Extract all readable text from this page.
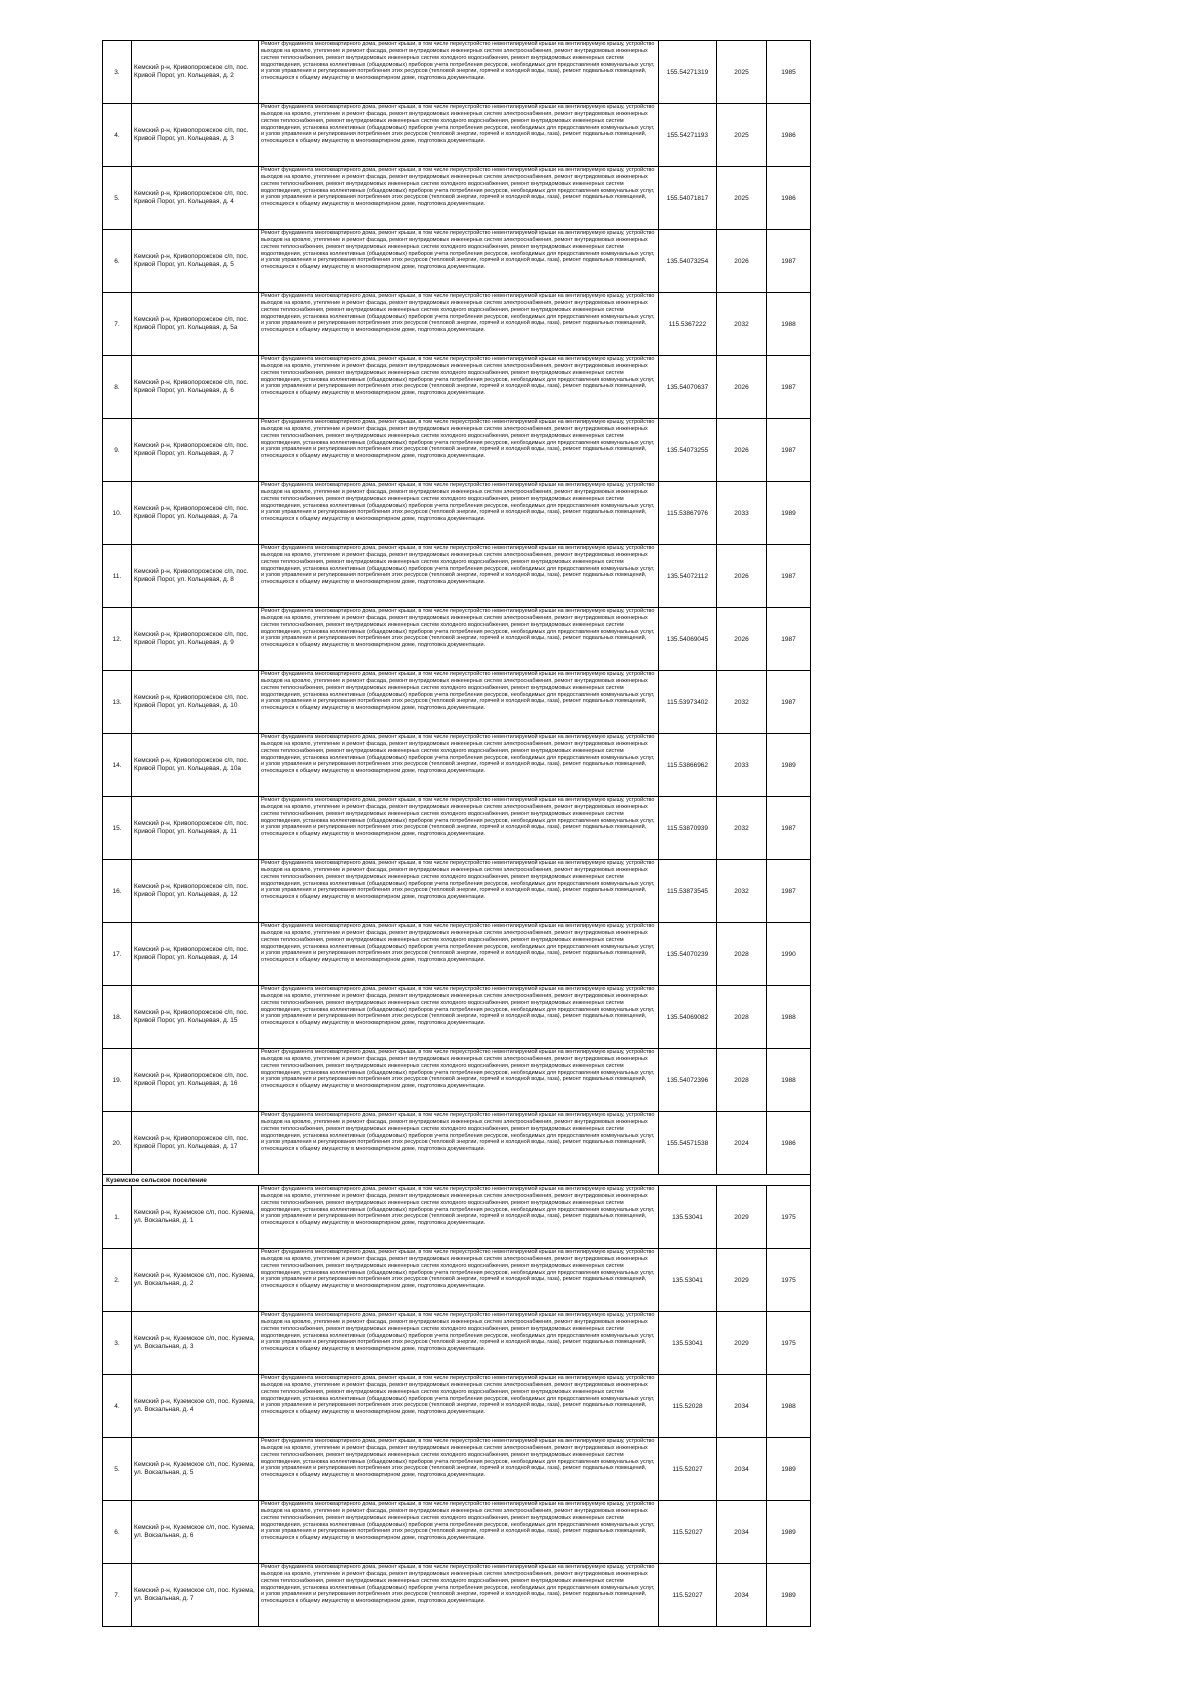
3.	Кемский р-н, Кривопорожское с/п, пос. Кривой Порог, ул. Кольцевая, д. 2	Ремонт фундамента многоквартирного дома, ремонт крыши, в том числе переустройство невентилируемой крыши на вентилируемую крышу, устройство выходов на кровлю, утепление и ремонт фасада, ремонт внутридомовых инженерных систем электроснабжения, ремонт внутридомовых инженерных систем теплоснабжения, ремонт внутридомовых инженерных систем холодного водоснабжения, ремонт внутридомовых инженерных систем водоотведения, установка коллективных (общедомовых) приборов учета потребления ресурсов, необходимых для предоставления коммунальных услуг, и узлов управления и регулирования потребления этих ресурсов (тепловой энергии, горячей и холодной воды, газа), ремонт подвальных помещений, относящихся к общему имуществу в многоквартирном доме, подготовка документации.	155.54271319	2025	1985
4.	Кемский р-н, Кривопорожское с/п, пос. Кривой Порог, ул. Кольцевая, д. 3	Ремонт фундамента многоквартирного дома, ремонт крыши, в том числе переустройство невентилируемой крыши на вентилируемую крышу, устройство выходов на кровлю, утепление и ремонт фасада, ремонт внутридомовых инженерных систем электроснабжения, ремонт внутридомовых инженерных систем теплоснабжения, ремонт внутридомовых инженерных систем холодного водоснабжения, ремонт внутридомовых инженерных систем водоотведения, установка коллективных (общедомовых) приборов учета потребления ресурсов, необходимых для предоставления коммунальных услуг, и узлов управления и регулирования потребления этих ресурсов (тепловой энергии, горячей и холодной воды, газа), ремонт подвальных помещений, относящихся к общему имуществу в многоквартирном доме, подготовка документации.	155.54271193	2025	1986
5.	Кемский р-н, Кривопорожское с/п, пос. Кривой Порог, ул. Кольцевая, д. 4	Ремонт фундамента многоквартирного дома, ремонт крыши, в том числе переустройство невентилируемой крыши на вентилируемую крышу, устройство выходов на кровлю, утепление и ремонт фасада, ремонт внутридомовых инженерных систем электроснабжения, ремонт внутридомовых инженерных систем теплоснабжения, ремонт внутридомовых инженерных систем холодного водоснабжения, ремонт внутридомовых инженерных систем водоотведения, установка коллективных (общедомовых) приборов учета потребления ресурсов, необходимых для предоставления коммунальных услуг, и узлов управления и регулирования потребления этих ресурсов (тепловой энергии, горячей и холодной воды, газа), ремонт подвальных помещений, относящихся к общему имуществу в многоквартирном доме, подготовка документации.	155.54071817	2025	1986
6.	Кемский р-н, Кривопорожское с/п, пос. Кривой Порог, ул. Кольцевая, д. 5	Ремонт фундамента многоквартирного дома, ремонт крыши, в том числе переустройство невентилируемой крыши на вентилируемую крышу, устройство выходов на кровлю, утепление и ремонт фасада, ремонт внутридомовых инженерных систем электроснабжения, ремонт внутридомовых инженерных систем теплоснабжения, ремонт внутридомовых инженерных систем холодного водоснабжения, ремонт внутридомовых инженерных систем водоотведения, установка коллективных (общедомовых) приборов учета потребления ресурсов, необходимых для предоставления коммунальных услуг, и узлов управления и регулирования потребления этих ресурсов (тепловой энергии, горячей и холодной воды, газа), ремонт подвальных помещений, относящихся к общему имуществу в многоквартирном доме, подготовка документации.	135.54073254	2026	1987
7.	Кемский р-н, Кривопорожское с/п, пос. Кривой Порог, ул. Кольцевая, д. 5а	Ремонт фундамента многоквартирного дома, ремонт крыши, в том числе переустройство невентилируемой крыши на вентилируемую крышу, устройство выходов на кровлю, утепление и ремонт фасада, ремонт внутридомовых инженерных систем электроснабжения, ремонт внутридомовых инженерных систем теплоснабжения, ремонт внутридомовых инженерных систем холодного водоснабжения, ремонт внутридомовых инженерных систем водоотведения, установка коллективных (общедомовых) приборов учета потребления ресурсов, необходимых для предоставления коммунальных услуг, и узлов управления и регулирования потребления этих ресурсов (тепловой энергии, горячей и холодной воды, газа), ремонт подвальных помещений, относящихся к общему имуществу в многоквартирном доме, подготовка документации.	115.5367222	2032	1988
8.	Кемский р-н, Кривопорожское с/п, пос. Кривой Порог, ул. Кольцевая, д. 6	Ремонт фундамента многоквартирного дома, ремонт крыши, в том числе переустройство невентилируемой крыши на вентилируемую крышу, устройство выходов на кровлю, утепление и ремонт фасада, ремонт внутридомовых инженерных систем электроснабжения, ремонт внутридомовых инженерных систем теплоснабжения, ремонт внутридомовых инженерных систем холодного водоснабжения, ремонт внутридомовых инженерных систем водоотведения, установка коллективных (общедомовых) приборов учета потребления ресурсов, необходимых для предоставления коммунальных услуг, и узлов управления и регулирования потребления этих ресурсов (тепловой энергии, горячей и холодной воды, газа), ремонт подвальных помещений, относящихся к общему имуществу в многоквартирном доме, подготовка документации.	135.54070637	2026	1987
9.	Кемский р-н, Кривопорожское с/п, пос. Кривой Порог, ул. Кольцевая, д. 7	Ремонт фундамента многоквартирного дома, ремонт крыши, в том числе переустройство невентилируемой крыши на вентилируемую крышу, устройство выходов на кровлю, утепление и ремонт фасада, ремонт внутридомовых инженерных систем электроснабжения, ремонт внутридомовых инженерных систем теплоснабжения, ремонт внутридомовых инженерных систем холодного водоснабжения, ремонт внутридомовых инженерных систем водоотведения, установка коллективных (общедомовых) приборов учета потребления ресурсов, необходимых для предоставления коммунальных услуг, и узлов управления и регулирования потребления этих ресурсов (тепловой энергии, горячей и холодной воды, газа), ремонт подвальных помещений, относящихся к общему имуществу в многоквартирном доме, подготовка документации.	135.54073255	2026	1987
10.	Кемский р-н, Кривопорожское с/п, пос. Кривой Порог, ул. Кольцевая, д. 7а	Ремонт фундамента многоквартирного дома, ремонт крыши, в том числе переустройство невентилируемой крыши на вентилируемую крышу, устройство выходов на кровлю, утепление и ремонт фасада, ремонт внутридомовых инженерных систем электроснабжения, ремонт внутридомовых инженерных систем теплоснабжения, ремонт внутридомовых инженерных систем холодного водоснабжения, ремонт внутридомовых инженерных систем водоотведения, установка коллективных (общедомовых) приборов учета потребления ресурсов, необходимых для предоставления коммунальных услуг, и узлов управления и регулирования потребления этих ресурсов (тепловой энергии, горячей и холодной воды, газа), ремонт подвальных помещений, относящихся к общему имуществу в многоквартирном доме, подготовка документации.	115.53867976	2033	1989
11.	Кемский р-н, Кривопорожское с/п, пос. Кривой Порог, ул. Кольцевая, д. 8	Ремонт фундамента многоквартирного дома, ремонт крыши, в том числе переустройство невентилируемой крыши на вентилируемую крышу, устройство выходов на кровлю, утепление и ремонт фасада, ремонт внутридомовых инженерных систем электроснабжения, ремонт внутридомовых инженерных систем теплоснабжения, ремонт внутридомовых инженерных систем холодного водоснабжения, ремонт внутридомовых инженерных систем водоотведения, установка коллективных (общедомовых) приборов учета потребления ресурсов, необходимых для предоставления коммунальных услуг, и узлов управления и регулирования потребления этих ресурсов (тепловой энергии, горячей и холодной воды, газа), ремонт подвальных помещений, относящихся к общему имуществу в многоквартирном доме, подготовка документации.	135.54072112	2026	1987
12.	Кемский р-н, Кривопорожское с/п, пос. Кривой Порог, ул. Кольцевая, д. 9	Ремонт фундамента многоквартирного дома, ремонт крыши, в том числе переустройство невентилируемой крыши на вентилируемую крышу, устройство выходов на кровлю, утепление и ремонт фасада, ремонт внутридомовых инженерных систем электроснабжения, ремонт внутридомовых инженерных систем теплоснабжения, ремонт внутридомовых инженерных систем холодного водоснабжения, ремонт внутридомовых инженерных систем водоотведения, установка коллективных (общедомовых) приборов учета потребления ресурсов, необходимых для предоставления коммунальных услуг, и узлов управления и регулирования потребления этих ресурсов (тепловой энергии, горячей и холодной воды, газа), ремонт подвальных помещений, относящихся к общему имуществу в многоквартирном доме, подготовка документации.	135.54069045	2026	1987
13.	Кемский р-н, Кривопорожское с/п, пос. Кривой Порог, ул. Кольцевая, д. 10	Ремонт фундамента многоквартирного дома, ремонт крыши, в том числе переустройство невентилируемой крыши на вентилируемую крышу, устройство выходов на кровлю, утепление и ремонт фасада, ремонт внутридомовых инженерных систем электроснабжения, ремонт внутридомовых инженерных систем теплоснабжения, ремонт внутридомовых инженерных систем холодного водоснабжения, ремонт внутридомовых инженерных систем водоотведения, установка коллективных (общедомовых) приборов учета потребления ресурсов, необходимых для предоставления коммунальных услуг, и узлов управления и регулирования потребления этих ресурсов (тепловой энергии, горячей и холодной воды, газа), ремонт подвальных помещений, относящихся к общему имуществу в многоквартирном доме, подготовка документации.	115.53973402	2032	1987
14.	Кемский р-н, Кривопорожское с/п, пос. Кривой Порог, ул. Кольцевая, д. 10а	Ремонт фундамента многоквартирного дома, ремонт крыши, в том числе переустройство невентилируемой крыши на вентилируемую крышу, устройство выходов на кровлю, утепление и ремонт фасада, ремонт внутридомовых инженерных систем электроснабжения, ремонт внутридомовых инженерных систем теплоснабжения, ремонт внутридомовых инженерных систем холодного водоснабжения, ремонт внутридомовых инженерных систем водоотведения, установка коллективных (общедомовых) приборов учета потребления ресурсов, необходимых для предоставления коммунальных услуг, и узлов управления и регулирования потребления этих ресурсов (тепловой энергии, горячей и холодной воды, газа), ремонт подвальных помещений, относящихся к общему имуществу в многоквартирном доме, подготовка документации.	115.53866962	2033	1989
15.	Кемский р-н, Кривопорожское с/п, пос. Кривой Порог, ул. Кольцевая, д. 11	Ремонт фундамента многоквартирного дома, ремонт крыши, в том числе переустройство невентилируемой крыши на вентилируемую крышу, устройство выходов на кровлю, утепление и ремонт фасада, ремонт внутридомовых инженерных систем электроснабжения, ремонт внутридомовых инженерных систем теплоснабжения, ремонт внутридомовых инженерных систем холодного водоснабжения, ремонт внутридомовых инженерных систем водоотведения, установка коллективных (общедомовых) приборов учета потребления ресурсов, необходимых для предоставления коммунальных услуг, и узлов управления и регулирования потребления этих ресурсов (тепловой энергии, горячей и холодной воды, газа), ремонт подвальных помещений, относящихся к общему имуществу в многоквартирном доме, подготовка документации.	115.53870939	2032	1987
16.	Кемский р-н, Кривопорожское с/п, пос. Кривой Порог, ул. Кольцевая, д. 12	Ремонт фундамента многоквартирного дома, ремонт крыши, в том числе переустройство невентилируемой крыши на вентилируемую крышу, устройство выходов на кровлю, утепление и ремонт фасада, ремонт внутридомовых инженерных систем электроснабжения, ремонт внутридомовых инженерных систем теплоснабжения, ремонт внутридомовых инженерных систем холодного водоснабжения, ремонт внутридомовых инженерных систем водоотведения, установка коллективных (общедомовых) приборов учета потребления ресурсов, необходимых для предоставления коммунальных услуг, и узлов управления и регулирования потребления этих ресурсов (тепловой энергии, горячей и холодной воды, газа), ремонт подвальных помещений, относящихся к общему имуществу в многоквартирном доме, подготовка документации.	115.53873545	2032	1987
17.	Кемский р-н, Кривопорожское с/п, пос. Кривой Порог, ул. Кольцевая, д. 14	Ремонт фундамента многоквартирного дома, ремонт крыши, в том числе переустройство невентилируемой крыши на вентилируемую крышу, устройство выходов на кровлю, утепление и ремонт фасада, ремонт внутридомовых инженерных систем электроснабжения, ремонт внутридомовых инженерных систем теплоснабжения, ремонт внутридомовых инженерных систем холодного водоснабжения, ремонт внутридомовых инженерных систем водоотведения, установка коллективных (общедомовых) приборов учета потребления ресурсов, необходимых для предоставления коммунальных услуг, и узлов управления и регулирования потребления этих ресурсов (тепловой энергии, горячей и холодной воды, газа), ремонт подвальных помещений, относящихся к общему имуществу в многоквартирном доме, подготовка документации.	135.54070239	2028	1990
18.	Кемский р-н, Кривопорожское с/п, пос. Кривой Порог, ул. Кольцевая, д. 15	Ремонт фундамента многоквартирного дома, ремонт крыши, в том числе переустройство невентилируемой крыши на вентилируемую крышу, устройство выходов на кровлю, утепление и ремонт фасада, ремонт внутридомовых инженерных систем электроснабжения, ремонт внутридомовых инженерных систем теплоснабжения, ремонт внутридомовых инженерных систем холодного водоснабжения, ремонт внутридомовых инженерных систем водоотведения, установка коллективных (общедомовых) приборов учета потребления ресурсов, необходимых для предоставления коммунальных услуг, и узлов управления и регулирования потребления этих ресурсов (тепловой энергии, горячей и холодной воды, газа), ремонт подвальных помещений, относящихся к общему имуществу в многоквартирном доме, подготовка документации.	135.54069082	2028	1988
19.	Кемский р-н, Кривопорожское с/п, пос. Кривой Порог, ул. Кольцевая, д. 16	Ремонт фундамента многоквартирного дома, ремонт крыши, в том числе переустройство невентилируемой крыши на вентилируемую крышу, устройство выходов на кровлю, утепление и ремонт фасада, ремонт внутридомовых инженерных систем электроснабжения, ремонт внутридомовых инженерных систем теплоснабжения, ремонт внутридомовых инженерных систем холодного водоснабжения, ремонт внутридомовых инженерных систем водоотведения, установка коллективных (общедомовых) приборов учета потребления ресурсов, необходимых для предоставления коммунальных услуг, и узлов управления и регулирования потребления этих ресурсов (тепловой энергии, горячей и холодной воды, газа), ремонт подвальных помещений, относящихся к общему имуществу в многоквартирном доме, подготовка документации.	135.54072396	2028	1988
20.	Кемский р-н, Кривопорожское с/п, пос. Кривой Порог, ул. Кольцевая, д. 17	Ремонт фундамента многоквартирного дома, ремонт крыши, в том числе переустройство невентилируемой крыши на вентилируемую крышу, устройство выходов на кровлю, утепление и ремонт фасада, ремонт внутридомовых инженерных систем электроснабжения, ремонт внутридомовых инженерных систем теплоснабжения, ремонт внутридомовых инженерных систем холодного водоснабжения, ремонт внутридомовых инженерных систем водоотведения, установка коллективных (общедомовых) приборов учета потребления ресурсов, необходимых для предоставления коммунальных услуг, и узлов управления и регулирования потребления этих ресурсов (тепловой энергии, горячей и холодной воды, газа), ремонт подвальных помещений, относящихся к общему имуществу в многоквартирном доме, подготовка документации.	155.54571538	2024	1986
Куземское сельское поселение					
1.	Кемский р-н, Куземское с/п, пос. Кузема, ул. Вокзальная, д. 1	Ремонт фундамента многоквартирного дома, ремонт крыши, в том числе переустройство невентилируемой крыши на вентилируемую крышу, устройство выходов на кровлю, утепление и ремонт фасада, ремонт внутридомовых инженерных систем электроснабжения, ремонт внутридомовых инженерных систем теплоснабжения, ремонт внутридомовых инженерных систем холодного водоснабжения, ремонт внутридомовых инженерных систем водоотведения, установка коллективных (общедомовых) приборов учета потребления ресурсов, необходимых для предоставления коммунальных услуг, и узлов управления и регулирования потребления этих ресурсов (тепловой энергии, горячей и холодной воды, газа), ремонт подвальных помещений, относящихся к общему имуществу в многоквартирном доме, подготовка документации.	135.53041	2029	1975
2.	Кемский р-н, Куземское с/п, пос. Кузема, ул. Вокзальная, д. 2	Ремонт фундамента многоквартирного дома, ремонт крыши, в том числе переустройство невентилируемой крыши на вентилируемую крышу, устройство выходов на кровлю, утепление и ремонт фасада, ремонт внутридомовых инженерных систем электроснабжения, ремонт внутридомовых инженерных систем теплоснабжения, ремонт внутридомовых инженерных систем холодного водоснабжения, ремонт внутридомовых инженерных систем водоотведения, установка коллективных (общедомовых) приборов учета потребления ресурсов, необходимых для предоставления коммунальных услуг, и узлов управления и регулирования потребления этих ресурсов (тепловой энергии, горячей и холодной воды, газа), ремонт подвальных помещений, относящихся к общему имуществу в многоквартирном доме, подготовка документации.	135.53041	2029	1975
3.	Кемский р-н, Куземское с/п, пос. Кузема, ул. Вокзальная, д. 3	Ремонт фундамента многоквартирного дома, ремонт крыши, в том числе переустройство невентилируемой крыши на вентилируемую крышу, устройство выходов на кровлю, утепление и ремонт фасада, ремонт внутридомовых инженерных систем электроснабжения, ремонт внутридомовых инженерных систем теплоснабжения, ремонт внутридомовых инженерных систем холодного водоснабжения, ремонт внутридомовых инженерных систем водоотведения, установка коллективных (общедомовых) приборов учета потребления ресурсов, необходимых для предоставления коммунальных услуг, и узлов управления и регулирования потребления этих ресурсов (тепловой энергии, горячей и холодной воды, газа), ремонт подвальных помещений, относящихся к общему имуществу в многоквартирном доме, подготовка документации.	135.53041	2029	1975
4.	Кемский р-н, Куземское с/п, пос. Кузема, ул. Вокзальная, д. 4	Ремонт фундамента многоквартирного дома, ремонт крыши, в том числе переустройство невентилируемой крыши на вентилируемую крышу, устройство выходов на кровлю, утепление и ремонт фасада, ремонт внутридомовых инженерных систем электроснабжения, ремонт внутридомовых инженерных систем теплоснабжения, ремонт внутридомовых инженерных систем холодного водоснабжения, ремонт внутридомовых инженерных систем водоотведения, установка коллективных (общедомовых) приборов учета потребления ресурсов, необходимых для предоставления коммунальных услуг, и узлов управления и регулирования потребления этих ресурсов (тепловой энергии, горячей и холодной воды, газа), ремонт подвальных помещений, относящихся к общему имуществу в многоквартирном доме, подготовка документации.	115.52028	2034	1988
5.	Кемский р-н, Куземское с/п, пос. Кузема, ул. Вокзальная, д. 5	Ремонт фундамента многоквартирного дома, ремонт крыши, в том числе переустройство невентилируемой крыши на вентилируемую крышу, устройство выходов на кровлю, утепление и ремонт фасада, ремонт внутридомовых инженерных систем электроснабжения, ремонт внутридомовых инженерных систем теплоснабжения, ремонт внутридомовых инженерных систем холодного водоснабжения, ремонт внутридомовых инженерных систем водоотведения, установка коллективных (общедомовых) приборов учета потребления ресурсов, необходимых для предоставления коммунальных услуг, и узлов управления и регулирования потребления этих ресурсов (тепловой энергии, горячей и холодной воды, газа), ремонт подвальных помещений, относящихся к общему имуществу в многоквартирном доме, подготовка документации.	115.52027	2034	1989
6.	Кемский р-н, Куземское с/п, пос. Кузема, ул. Вокзальная, д. 6	Ремонт фундамента многоквартирного дома, ремонт крыши, в том числе переустройство невентилируемой крыши на вентилируемую крышу, устройство выходов на кровлю, утепление и ремонт фасада, ремонт внутридомовых инженерных систем электроснабжения, ремонт внутридомовых инженерных систем теплоснабжения, ремонт внутридомовых инженерных систем холодного водоснабжения, ремонт внутридомовых инженерных систем водоотведения, установка коллективных (общедомовых) приборов учета потребления ресурсов, необходимых для предоставления коммунальных услуг, и узлов управления и регулирования потребления этих ресурсов (тепловой энергии, горячей и холодной воды, газа), ремонт подвальных помещений, относящихся к общему имуществу в многоквартирном доме, подготовка документации.	115.52027	2034	1989
7.	Кемский р-н, Куземское с/п, пос. Кузема, ул. Вокзальная, д. 7	Ремонт фундамента многоквартирного дома, ремонт крыши, в том числе переустройство невентилируемой крыши на вентилируемую крышу, устройство выходов на кровлю, утепление и ремонт фасада, ремонт внутридомовых инженерных систем электроснабжения, ремонт внутридомовых инженерных систем теплоснабжения, ремонт внутридомовых инженерных систем холодного водоснабжения, ремонт внутридомовых инженерных систем водоотведения, установка коллективных (общедомовых) приборов учета потребления ресурсов, необходимых для предоставления коммунальных услуг, и узлов управления и регулирования потребления этих ресурсов (тепловой энергии, горячей и холодной воды, газа), ремонт подвальных помещений, относящихся к общему имуществу в многоквартирном доме, подготовка документации.	115.52027	2034	1989
